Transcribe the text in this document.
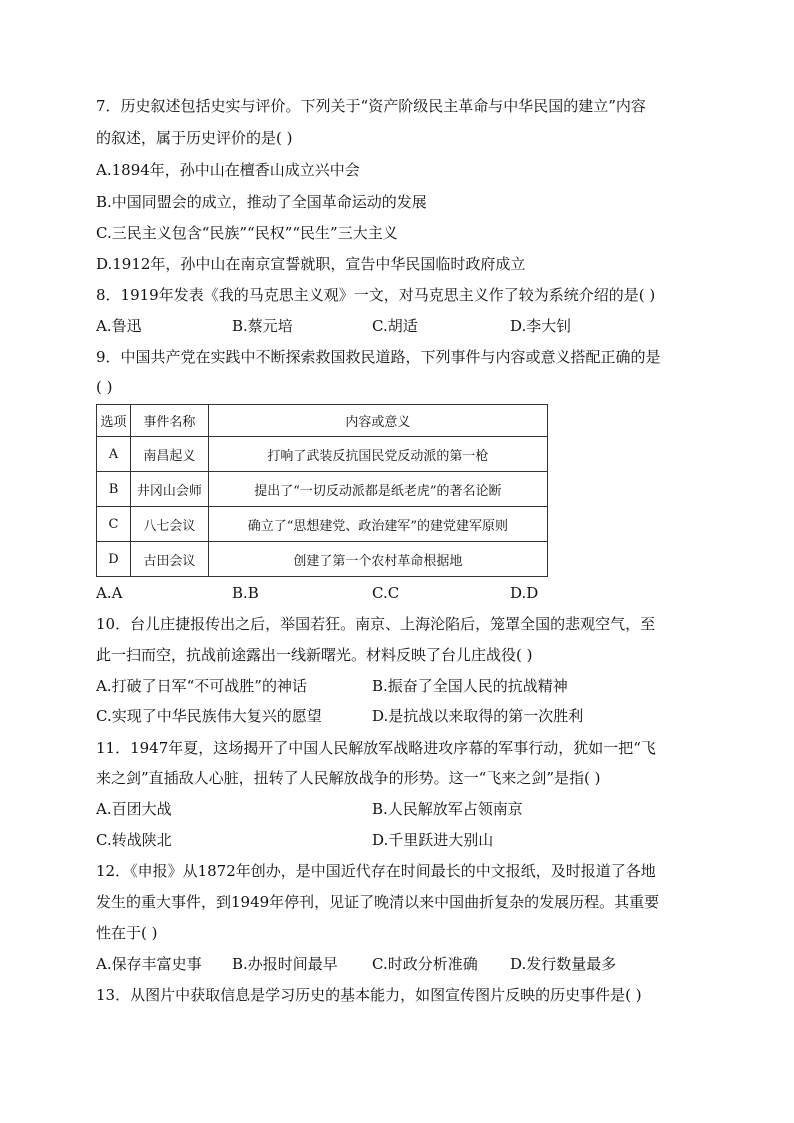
7．历史叙述包括史实与评价。下列关于“资产阶级民主革命与中华民国的建立”内容
的叙述，属于历史评价的是( )
A.1894年，孙中山在檀香山成立兴中会
B.中国同盟会的成立，推动了全国革命运动的发展
C.三民主义包含“民族”“民权”“民生”三大主义
D.1912年，孙中山在南京宣誓就职，宣告中华民国临时政府成立
8．1919年发表《我的马克思主义观》一文，对马克思主义作了较为系统介绍的是( )
A.鲁迅	B.蔡元培	C.胡适	D.李大钊
9．中国共产党在实践中不断探索救国救民道路，下列事件与内容或意义搭配正确的是
( )
选项	事件名称	内容或意义
A	南昌起义	打响了武装反抗国民党反动派的第一枪
B	井冈山会师	提出了“一切反动派都是纸老虎”的著名论断
C	八七会议	确立了“思想建党、政治建军”的建党建军原则
D	古田会议	创建了第一个农村革命根据地
A.A	B.B	C.C	D.D
10．台儿庄捷报传出之后，举国若狂。南京、上海沦陷后，笼罩全国的悲观空气，至
此一扫而空，抗战前途露出一线新曙光。材料反映了台儿庄战役( )
A.打破了日军“不可战胜”的神话	B.振奋了全国人民的抗战精神
C.实现了中华民族伟大复兴的愿望	D.是抗战以来取得的第一次胜利
11．1947年夏，这场揭开了中国人民解放军战略进攻序幕的军事行动，犹如一把“飞
来之剑”直插敌人心脏，扭转了人民解放战争的形势。这一“飞来之剑”是指( )
A.百团大战	B.人民解放军占领南京
C.转战陕北	D.千里跃进大别山
12．《申报》从1872年创办，是中国近代存在时间最长的中文报纸，及时报道了各地
发生的重大事件，到1949年停刊，见证了晚清以来中国曲折复杂的发展历程。其重要
性在于( )
A.保存丰富史事 B.办报时间最早 C.时政分析准确 D.发行数量最多
13．从图片中获取信息是学习历史的基本能力，如图宣传图片反映的历史事件是( )
